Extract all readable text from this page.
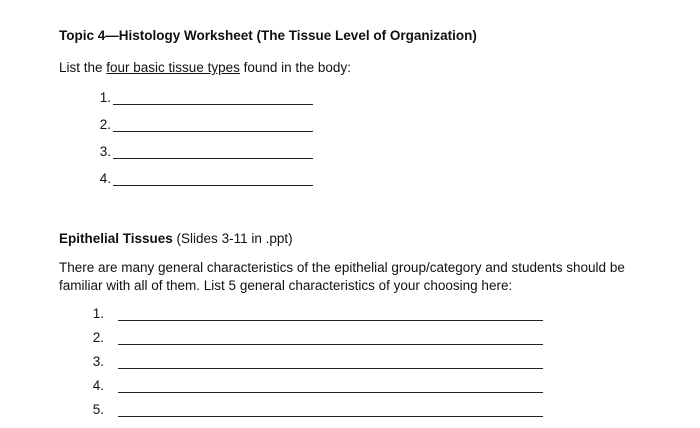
Topic 4—Histology Worksheet (The Tissue Level of Organization)
List the four basic tissue types found in the body:
1.
2.
3.
4.
Epithelial Tissues (Slides 3-11 in .ppt)
There are many general characteristics of the epithelial group/category and students should be
familiar with all of them. List 5 general characteristics of your choosing here:
1.
2.
3.
4.
5.
